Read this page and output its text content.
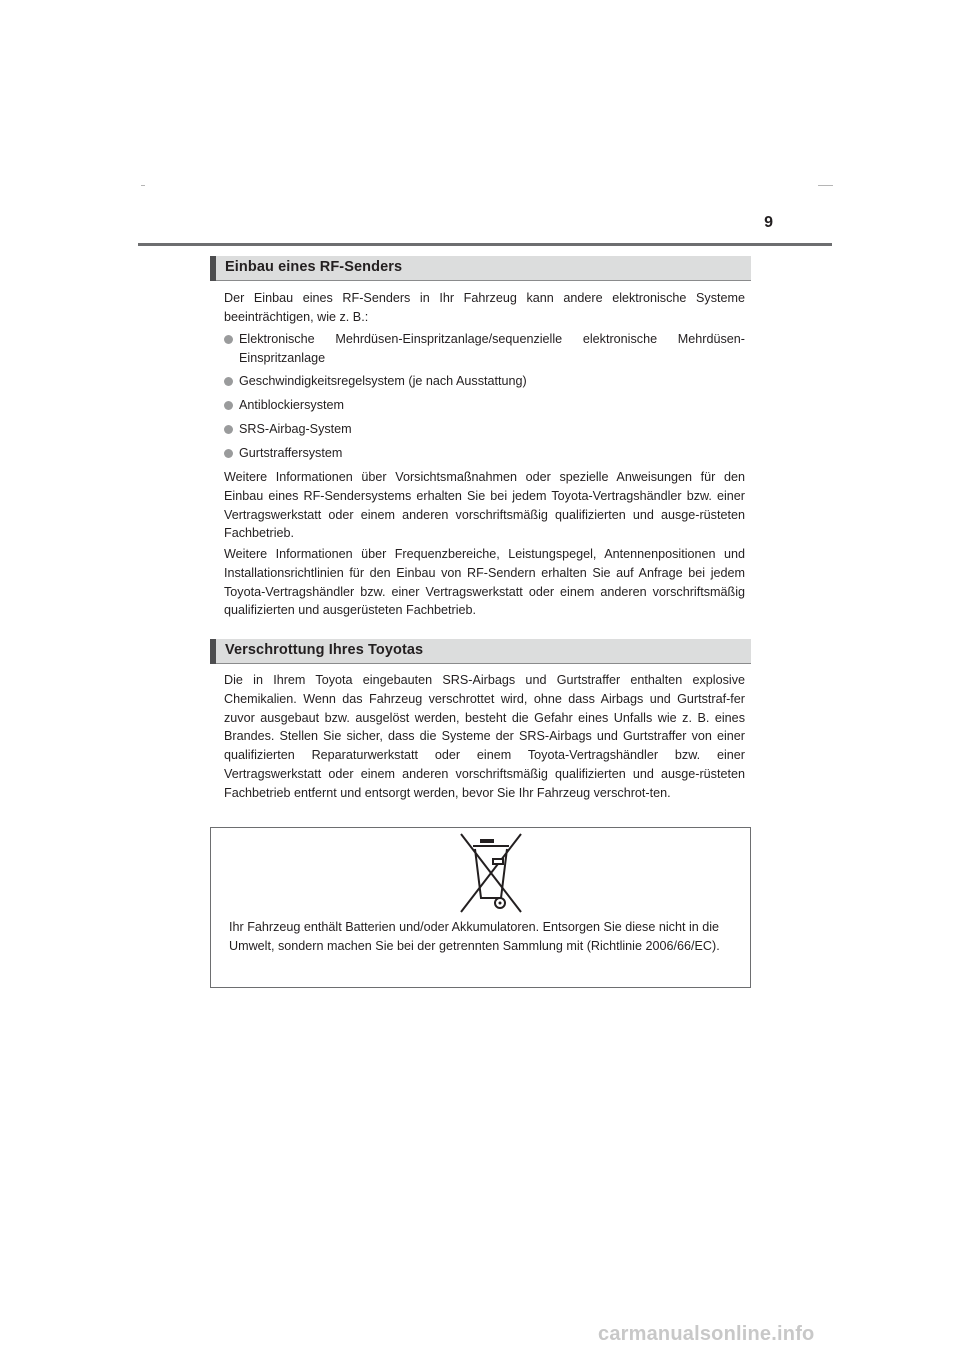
9
Einbau eines RF-Senders
Der Einbau eines RF-Senders in Ihr Fahrzeug kann andere elektronische Systeme beeinträchtigen, wie z. B.:
Elektronische Mehrdüsen-Einspritzanlage/sequenzielle elektronische Mehrdüsen-Einspritzanlage
Geschwindigkeitsregelsystem (je nach Ausstattung)
Antiblockiersystem
SRS-Airbag-System
Gurtstraffersystem
Weitere Informationen über Vorsichtsmaßnahmen oder spezielle Anweisungen für den Einbau eines RF-Sendersystems erhalten Sie bei jedem Toyota-Vertragshändler bzw. einer Vertragswerkstatt oder einem anderen vorschriftsmäßig qualifizierten und ausge-rüsteten Fachbetrieb.
Weitere Informationen über Frequenzbereiche, Leistungspegel, Antennenpositionen und Installationsrichtlinien für den Einbau von RF-Sendern erhalten Sie auf Anfrage bei jedem Toyota-Vertragshändler bzw. einer Vertragswerkstatt oder einem anderen vorschriftsmäßig qualifizierten und ausgerüsteten Fachbetrieb.
Verschrottung Ihres Toyotas
Die in Ihrem Toyota eingebauten SRS-Airbags und Gurtstraffer enthalten explosive Chemikalien. Wenn das Fahrzeug verschrottet wird, ohne dass Airbags und Gurtstraf-fer zuvor ausgebaut bzw. ausgelöst werden, besteht die Gefahr eines Unfalls wie z. B. eines Brandes. Stellen Sie sicher, dass die Systeme der SRS-Airbags und Gurtstraffer von einer qualifizierten Reparaturwerkstatt oder einem Toyota-Vertragshändler bzw. einer Vertragswerkstatt oder einem anderen vorschriftsmäßig qualifizierten und ausge-rüsteten Fachbetrieb entfernt und entsorgt werden, bevor Sie Ihr Fahrzeug verschrot-ten.
Ihr Fahrzeug enthält Batterien und/oder Akkumulatoren. Entsorgen Sie diese nicht in die Umwelt, sondern machen Sie bei der getrennten Sammlung mit (Richtlinie 2006/66/EC).
carmanualsonline.info
